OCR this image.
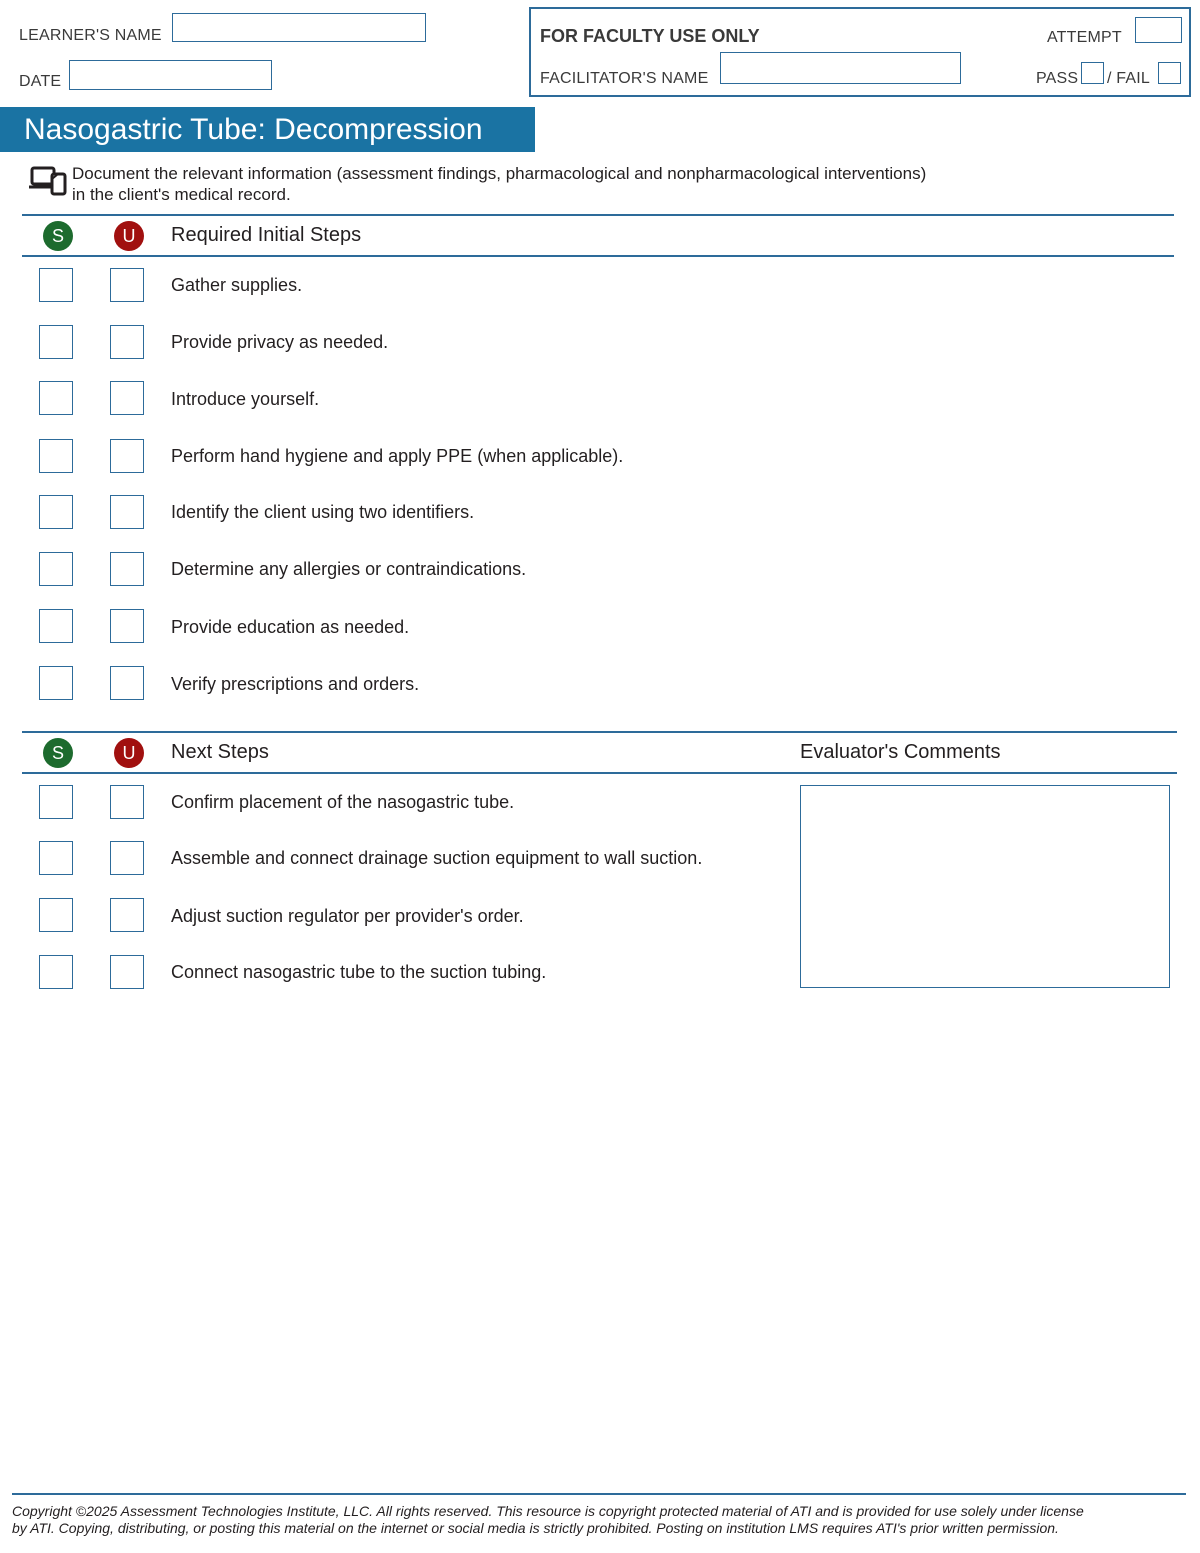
LEARNER'S NAME
DATE
FOR FACULTY USE ONLY
FACILITATOR'S NAME
ATTEMPT
PASS / FAIL
Nasogastric Tube: Decompression
Document the relevant information (assessment findings, pharmacological and nonpharmacological interventions)
in the client's medical record.
S	U	Required Initial Steps
Gather supplies.
Provide privacy as needed.
Introduce yourself.
Perform hand hygiene and apply PPE (when applicable).
Identify the client using two identifiers.
Determine any allergies or contraindications.
Provide education as needed.
Verify prescriptions and orders.
S	U	Next Steps	Evaluator's Comments
Confirm placement of the nasogastric tube.
Assemble and connect drainage suction equipment to wall suction.
Adjust suction regulator per provider's order.
Connect nasogastric tube to the suction tubing.
Copyright ©2025 Assessment Technologies Institute, LLC. All rights reserved. This resource is copyright protected material of ATI and is provided for use solely under license
by ATI. Copying, distributing, or posting this material on the internet or social media is strictly prohibited. Posting on institution LMS requires ATI's prior written permission.
